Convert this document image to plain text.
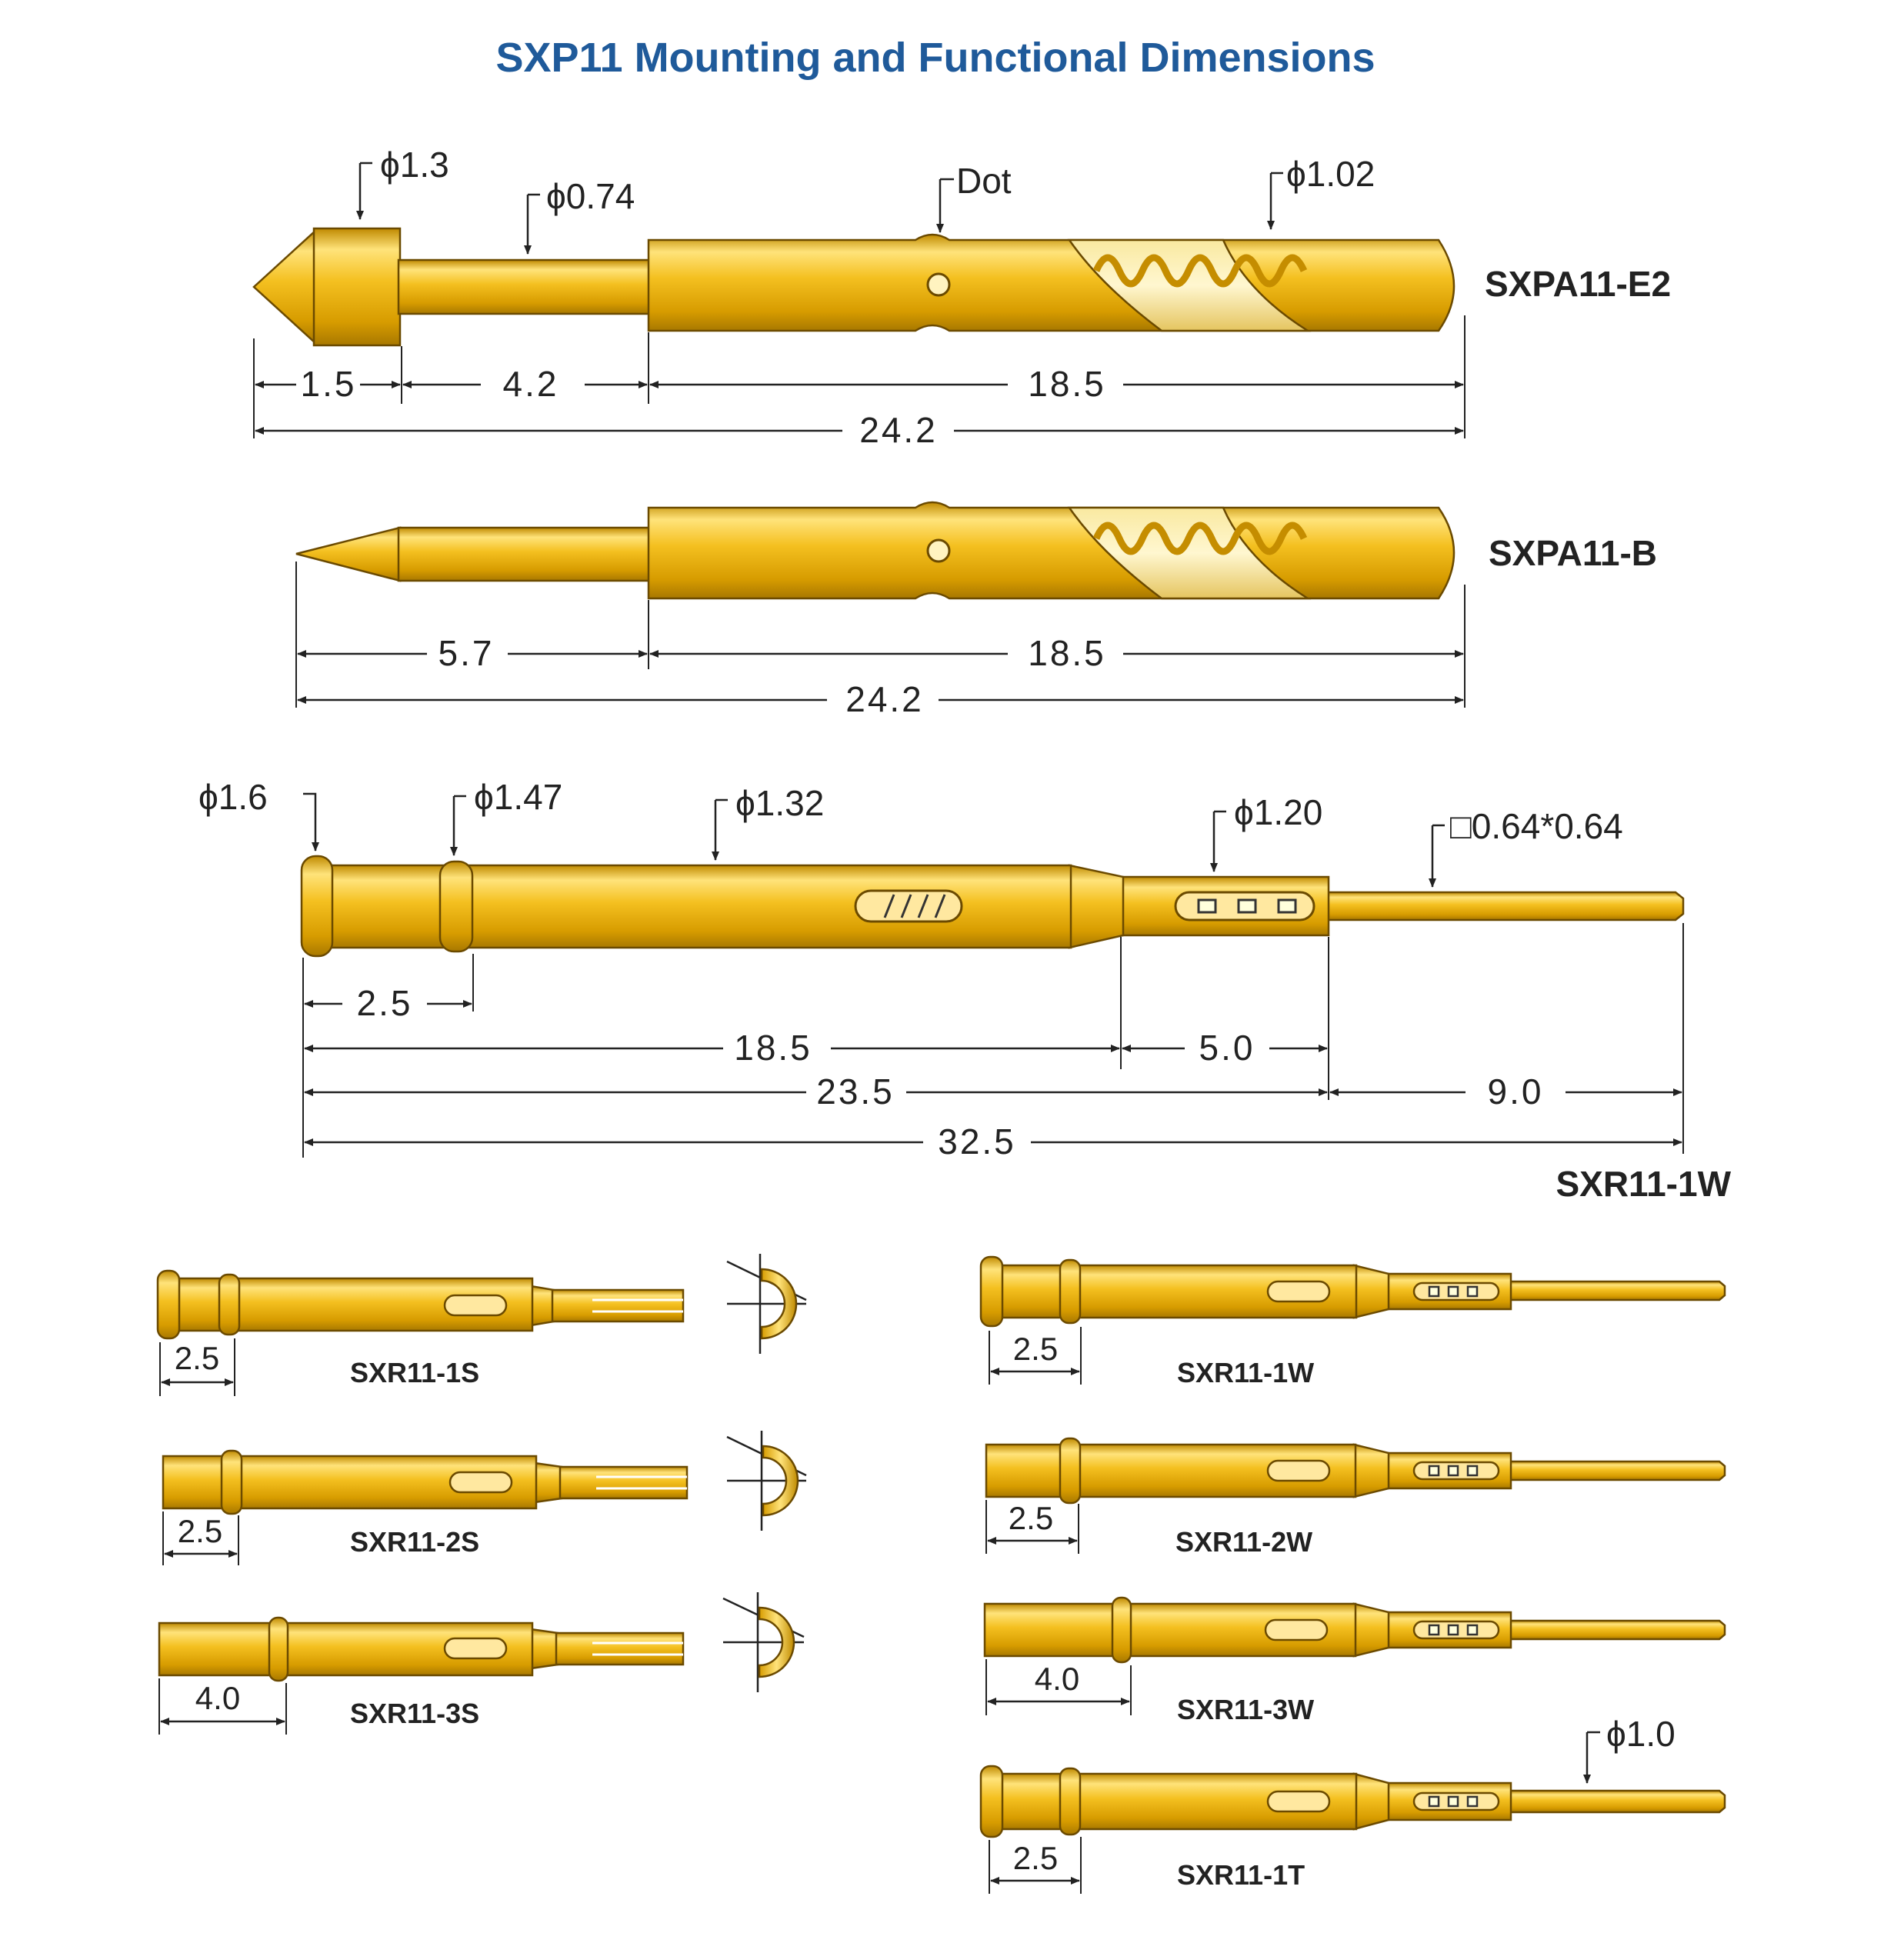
SXP11 Mounting and Functional Dimensions
ϕ1.3
ϕ0.74	Dot	ϕ1.02
SXPA11-E2
1.5	4.2	18.5
24.2
SXPA11-B
5.7	18.5
24.2
ϕ1.6	ϕ1.47	ϕ1.32	ϕ1.20	□0.64*0.64
SXR11-1W
2.5
18.5	5.0
23.5	9.0
32.5
2.5	SXR11-1S
2.5	SXR11-2S
4.0	SXR11-3S
2.5
SXR11-1W
2.5
SXR11-2W
4.0
SXR11-3W
2.5	SXR11-1T
ϕ1.0
